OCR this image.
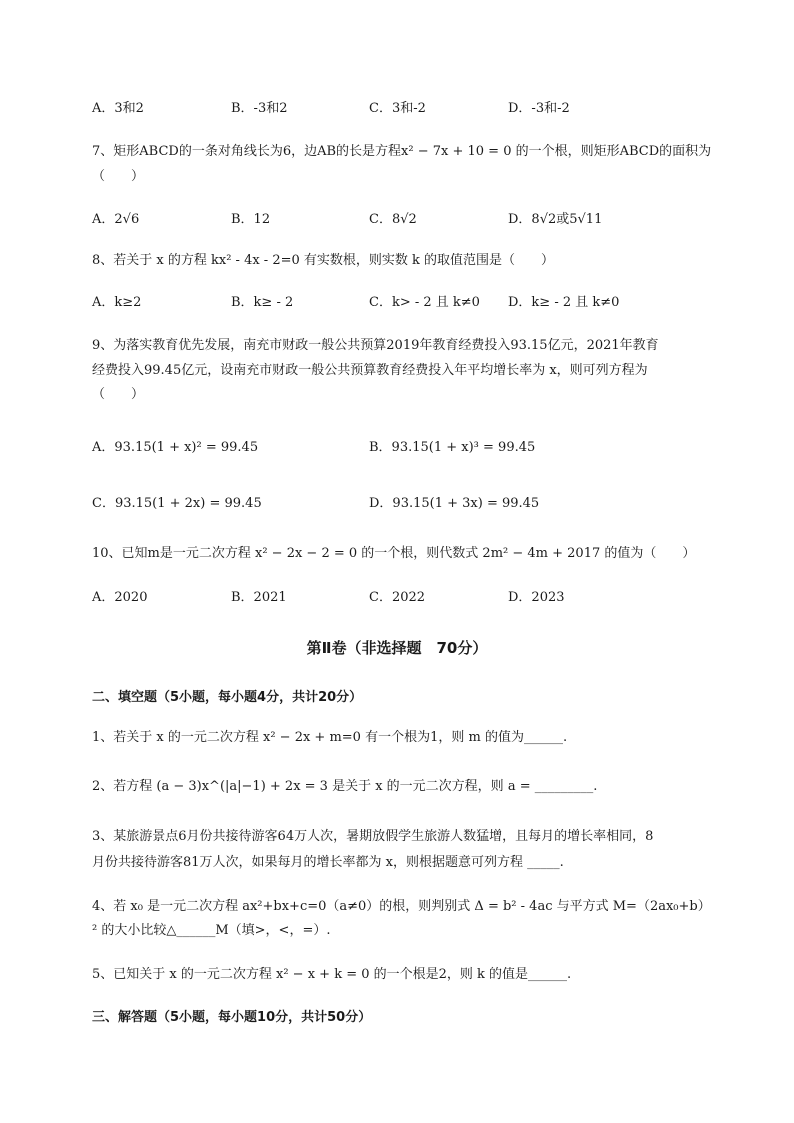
A．3和2	B．-3和2	C．3和-2	D．-3和-2
7、矩形ABCD的一条对角线长为6，边AB的长是方程x² − 7x + 10 = 0 的一个根，则矩形ABCD的面积为
（　　）
A．2√6	B．12	C．8√2	D．8√2或5√11
8、若关于 x 的方程 kx² - 4x - 2=0 有实数根，则实数 k 的取值范围是（　　）
A．k≥2	B．k≥ - 2	C．k> - 2 且 k≠0 D．k≥ - 2 且 k≠0
9、为落实教育优先发展，南充市财政一般公共预算2019年教育经费投入93.15亿元，2021年教育
经费投入99.45亿元，设南充市财政一般公共预算教育经费投入年平均增长率为 x，则可列方程为
（　　）
A．93.15(1 + x)² = 99.45	B．93.15(1 + x)³ = 99.45
C．93.15(1 + 2x) = 99.45	D．93.15(1 + 3x) = 99.45
10、已知m是一元二次方程 x² − 2x − 2 = 0 的一个根，则代数式 2m² − 4m + 2017 的值为（　　）
A．2020	B．2021	C．2022	D．2023
第Ⅱ卷（非选择题　70分）
二、填空题（5小题，每小题4分，共计20分）
1、若关于 x 的一元二次方程 x² − 2x + m=0 有一个根为1，则 m 的值为______.
2、若方程 (a − 3)x^(|a|−1) + 2x = 3 是关于 x 的一元二次方程，则 a = _________.
3、某旅游景点6月份共接待游客64万人次，暑期放假学生旅游人数猛增，且每月的增长率相同，8
月份共接待游客81万人次，如果每月的增长率都为 x，则根据题意可列方程 _____.
4、若 x₀ 是一元二次方程 ax²+bx+c=0（a≠0）的根，则判别式 Δ = b² - 4ac 与平方式 M=（2ax₀+b）
² 的大小比较△______M（填>，<，=）.
5、已知关于 x 的一元二次方程 x² − x + k = 0 的一个根是2，则 k 的值是______.
三、解答题（5小题，每小题10分，共计50分）
